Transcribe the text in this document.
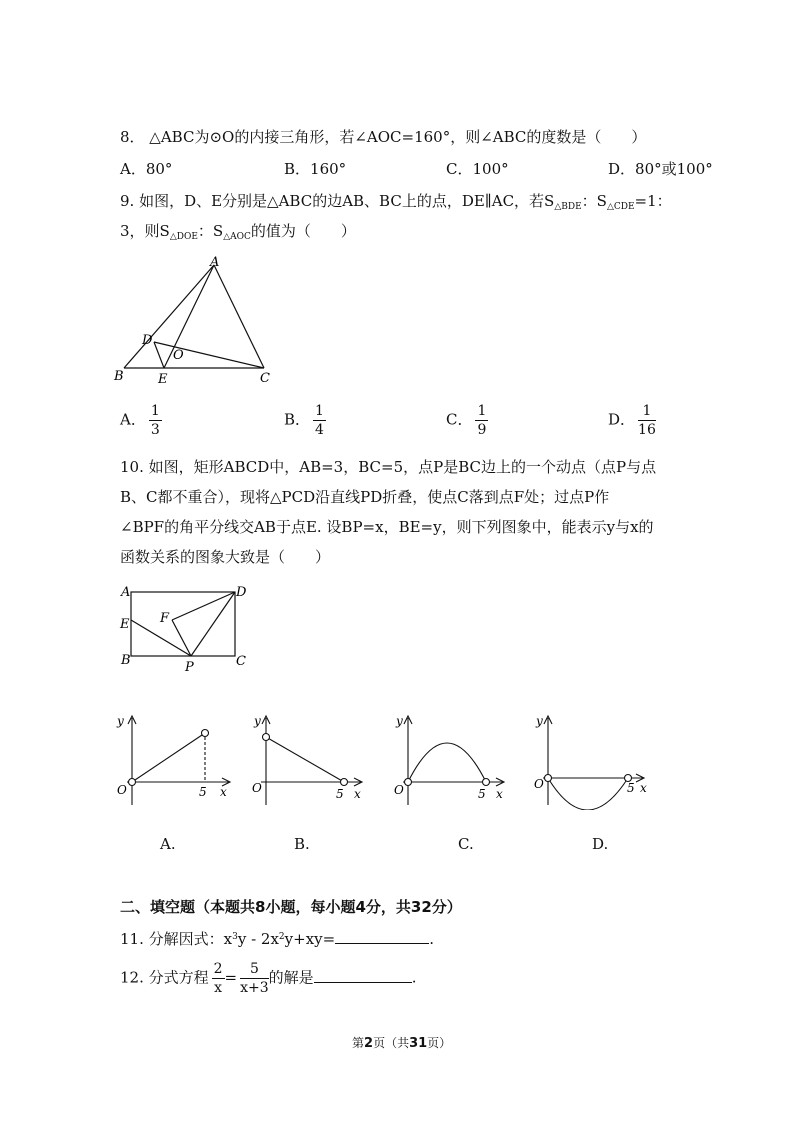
8． △ABC为⊙O的内接三角形，若∠AOC=160°，则∠ABC的度数是（　　）
A．80°	B．160°	C．100°	D．80°或100°
9. 如图，D、E分别是△ABC的边AB、BC上的点，DE∥AC，若$S_{\triangle BDE}$：$S_{\triangle CDE}=1$：
3，则$S_{\triangle DOE}$：$S_{\triangle AOC}$的值为（　　）
A
B	C
D
E
O
A． $\frac{1}{3}$	B． $\frac{1}{4}$	C． $\frac{1}{9}$	D． $\frac{1}{16}$
10. 如图，矩形ABCD中，AB=3，BC=5，点P是BC边上的一个动点（点P与点
B、C都不重合），现将△PCD沿直线PD折叠，使点C落到点F处；过点P作
∠BPF的角平分线交AB于点E. 设BP=x，BE=y，则下列图象中，能表示y与x的
函数关系的图象大致是（　　）
A	D
E F
B	C
P
y
O	5 x
y
O	5 x
y
O	5 x
y
O	5 x
A.	B.	C.	D.
二、填空题（本题共8小题，每小题4分，共32分）
11. 分解因式：$x^3y - 2x^2y+xy=$	.
12. 分式方程 $\frac{2}{x} = \frac{5}{x+3}$ 的解是	.
第2页（共31页）
